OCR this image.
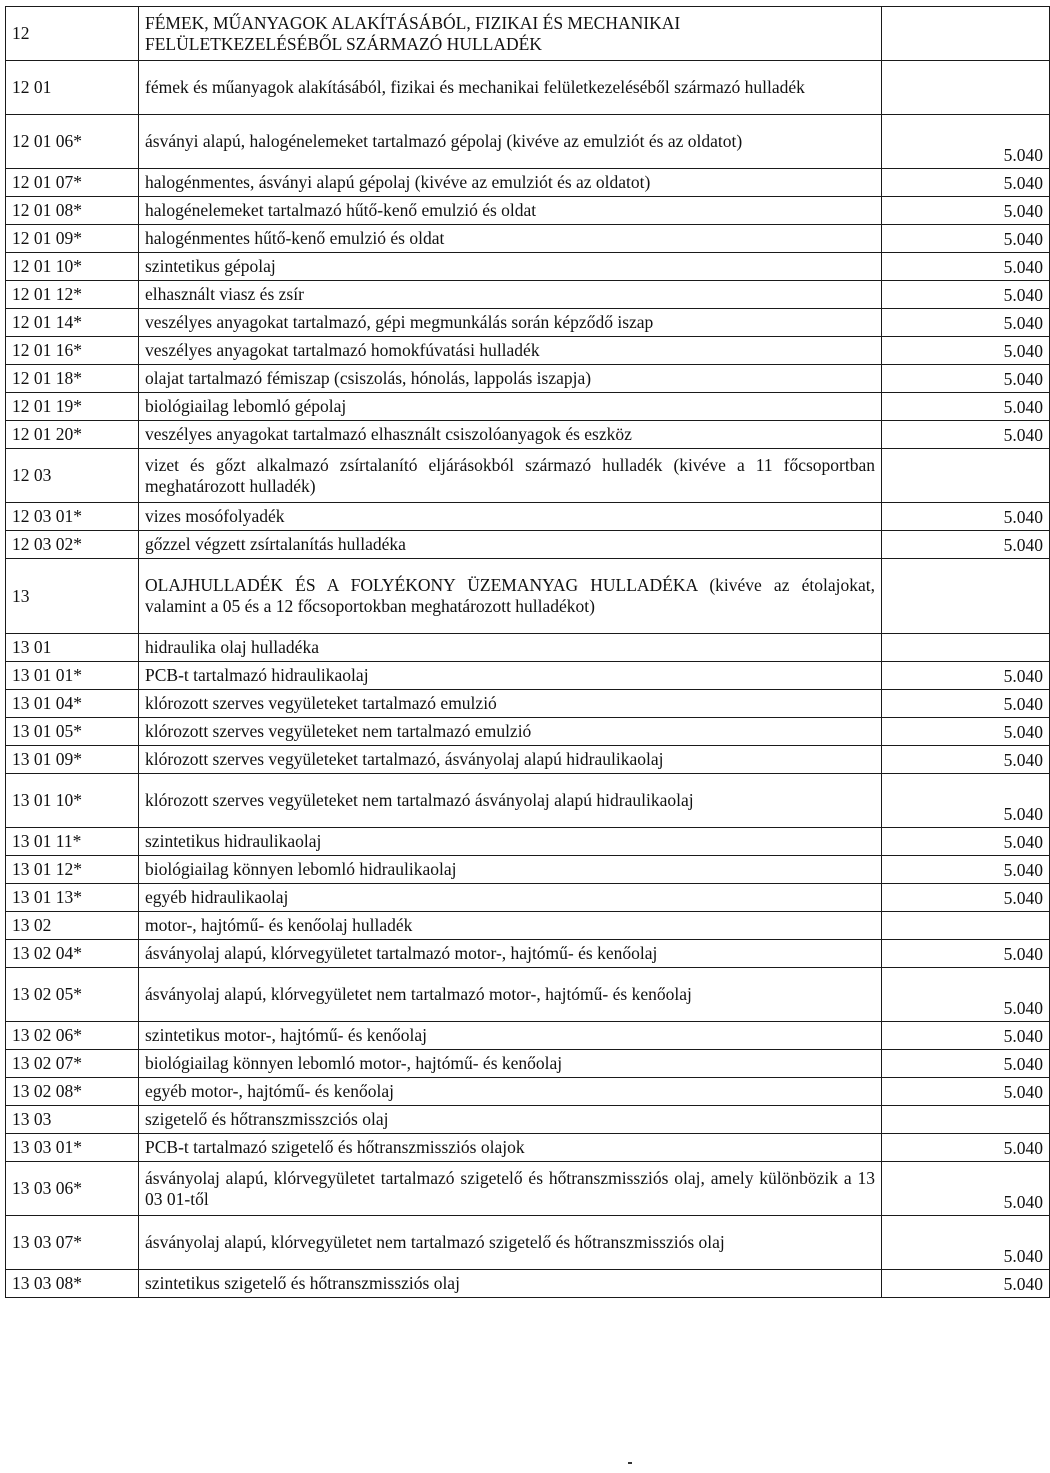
12	FÉMEK, MŰANYAGOK ALAKÍTÁSÁBÓL, FIZIKAI ÉS MECHANIKAI FELÜLETKEZELÉSÉBŐL SZÁRMAZÓ HULLADÉK	
12 01	fémek és műanyagok alakításából, fizikai és mechanikai felületkezeléséből származó hulladék	
12 01 06*	ásványi alapú, halogénelemeket tartalmazó gépolaj (kivéve az emulziót és az oldatot)	5.040
12 01 07*	halogénmentes, ásványi alapú gépolaj (kivéve az emulziót és az oldatot)	5.040
12 01 08*	halogénelemeket tartalmazó hűtő-kenő emulzió és oldat	5.040
12 01 09*	halogénmentes hűtő-kenő emulzió és oldat	5.040
12 01 10*	szintetikus gépolaj	5.040
12 01 12*	elhasznált viasz és zsír	5.040
12 01 14*	veszélyes anyagokat tartalmazó, gépi megmunkálás során képződő iszap	5.040
12 01 16*	veszélyes anyagokat tartalmazó homokfúvatási hulladék	5.040
12 01 18*	olajat tartalmazó fémiszap (csiszolás, hónolás, lappolás iszapja)	5.040
12 01 19*	biológiailag lebomló gépolaj	5.040
12 01 20*	veszélyes anyagokat tartalmazó elhasznált csiszolóanyagok és eszköz	5.040
12 03	vizet és gőzt alkalmazó zsírtalanító eljárásokból származó hulladék (kivéve a 11 főcsoportban meghatározott hulladék)	
12 03 01*	vizes mosófolyadék	5.040
12 03 02*	gőzzel végzett zsírtalanítás hulladéka	5.040
13	OLAJHULLADÉK ÉS A FOLYÉKONY ÜZEMANYAG HULLADÉKA (kivéve az étolajokat, valamint a 05 és a 12 főcsoportokban meghatározott hulladékot)	
13 01	hidraulika olaj hulladéka	
13 01 01*	PCB-t tartalmazó hidraulikaolaj	5.040
13 01 04*	klórozott szerves vegyületeket tartalmazó emulzió	5.040
13 01 05*	klórozott szerves vegyületeket nem tartalmazó emulzió	5.040
13 01 09*	klórozott szerves vegyületeket tartalmazó, ásványolaj alapú hidraulikaolaj	5.040
13 01 10*	klórozott szerves vegyületeket nem tartalmazó ásványolaj alapú hidraulikaolaj	5.040
13 01 11*	szintetikus hidraulikaolaj	5.040
13 01 12*	biológiailag könnyen lebomló hidraulikaolaj	5.040
13 01 13*	egyéb hidraulikaolaj	5.040
13 02	motor-, hajtómű- és kenőolaj hulladék	
13 02 04*	ásványolaj alapú, klórvegyületet tartalmazó motor-, hajtómű- és kenőolaj	5.040
13 02 05*	ásványolaj alapú, klórvegyületet nem tartalmazó motor-, hajtómű- és kenőolaj	5.040
13 02 06*	szintetikus motor-, hajtómű- és kenőolaj	5.040
13 02 07*	biológiailag könnyen lebomló motor-, hajtómű- és kenőolaj	5.040
13 02 08*	egyéb motor-, hajtómű- és kenőolaj	5.040
13 03	szigetelő és hőtranszmisszciós olaj	
13 03 01*	PCB-t tartalmazó szigetelő és hőtranszmissziós olajok	5.040
13 03 06*	ásványolaj alapú, klórvegyületet tartalmazó szigetelő és hőtranszmissziós olaj, amely különbözik a 13 03 01-től	5.040
13 03 07*	ásványolaj alapú, klórvegyületet nem tartalmazó szigetelő és hőtranszmissziós olaj	5.040
13 03 08*	szintetikus szigetelő és hőtranszmissziós olaj	5.040
